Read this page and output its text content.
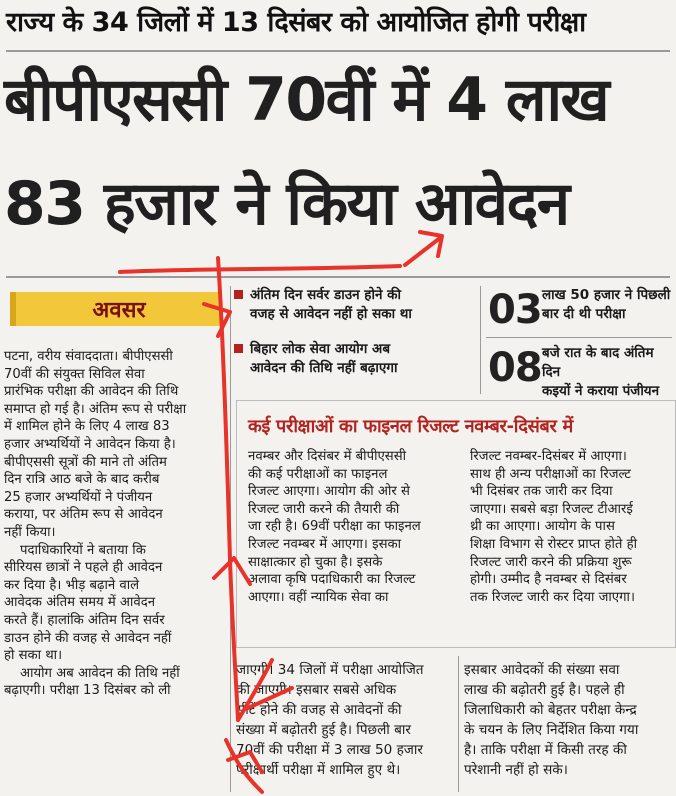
राज्य के 34 जिलों में 13 दिसंबर को आयोजित होगी परीक्षा
बीपीएससी 70वीं में 4 लाख
83 हजार ने किया आवेदन
अवसर

पटना, वरीय संवाददाता। बीपीएससी

70वीं की संयुक्त सिविल सेवा

प्रारंभिक परीक्षा की आवेदन की तिथि

समाप्त हो गई है। अंतिम रूप से परीक्षा

में शामिल होने के लिए 4 लाख 83

हजार अभ्यर्थियों ने आवेदन किया है।

बीपीएससी सूत्रों की माने तो अंतिम

दिन रात्रि आठ बजे के बाद करीब

25 हजार अभ्यर्थियों ने पंजीयन

कराया, पर अंतिम रूप से आवेदन

नहीं किया।

पदाधिकारियों ने बताया कि

सीरियस छात्रों ने पहले ही आवेदन

कर दिया है। भीड़ बढ़ाने वाले

आवेदक अंतिम समय में आवेदन

करते हैं। हालांकि अंतिम दिन सर्वर

डाउन होने की वजह से आवेदन नहीं

हो सका था।

आयोग अब आवेदन की तिथि नहीं

बढ़ाएगी। परीक्षा 13 दिसंबर को ली

अंतिम दिन सर्वर डाउन होने की
वजह से आवेदन नहीं हो सका था
बिहार लोक सेवा आयोग अब
आवेदन की तिथि नहीं बढ़ाएगा
03 लाख 50 हजार ने पिछली
बार दी थी परीक्षा
08 बजे रात के बाद अंतिम दिन
कइयों ने कराया पंजीयन
कई परीक्षाओं का फाइनल रिजल्ट नवम्बर-दिसंबर में

नवम्बर और दिसंबर में बीपीएससी

की कई परीक्षाओं का फाइनल

रिजल्ट आएगा। आयोग की ओर से

रिजल्ट जारी करने की तैयारी की

जा रही है। 69वीं परीक्षा का फाइनल

रिजल्ट नवम्बर में आएगा। इसका

साक्षात्कार हो चुका है। इसके

अलावा कृषि पदाधिकारी का रिजल्ट

आएगा। वहीं न्यायिक सेवा का

रिजल्ट नवम्बर-दिसंबर में आएगा।

साथ ही अन्य परीक्षाओं का रिजल्ट

भी दिसंबर तक जारी कर दिया

जाएगा। सबसे बड़ा रिजल्ट टीआरई

थ्री का आएगा। आयोग के पास

शिक्षा विभाग से रोस्टर प्राप्त होते ही

रिजल्ट जारी करने की प्रक्रिया शुरू

होगी। उम्मीद है नवम्बर से दिसंबर

तक रिजल्ट जारी कर दिया जाएगा।

जाएगी। 34 जिलों में परीक्षा आयोजित

की जाएगी। इसबार सबसे अधिक

सीटें होने की वजह से आवेदनों की

संख्या में बढ़ोतरी हुई है। पिछली बार

70वीं की परीक्षा में 3 लाख 50 हजार

परीक्षार्थी परीक्षा में शामिल हुए थे।

इसबार आवेदकों की संख्या सवा

लाख की बढ़ोतरी हुई है। पहले ही

जिलाधिकारी को बेहतर परीक्षा केन्द्र

के चयन के लिए निर्देशित किया गया

है। ताकि परीक्षा में किसी तरह की

परेशानी नहीं हो सके।
